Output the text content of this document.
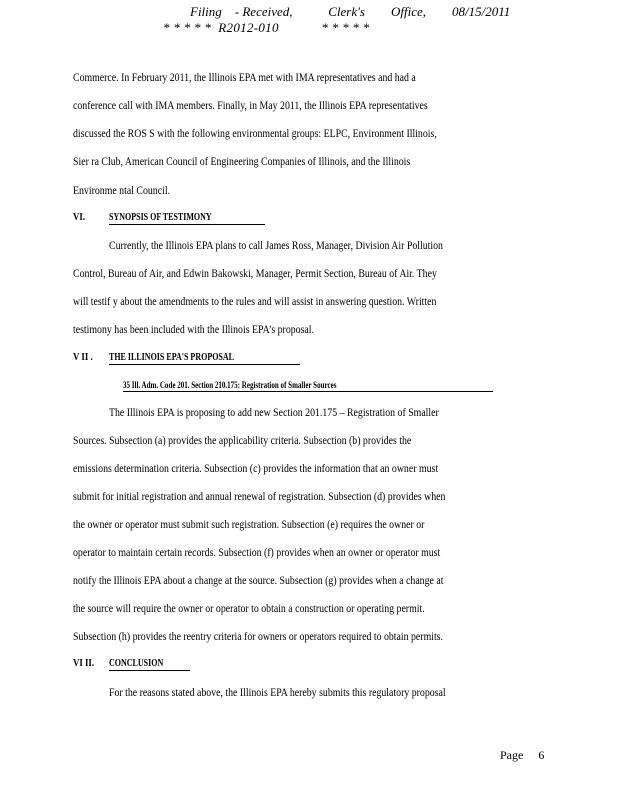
Filing    - Received,           Clerk's        Office,        08/15/2011
* * * * *  R2012-010            * * * * *
Commerce. In February 2011, the Illinois EPA met with IMA representatives and had a
conference call with IMA members. Finally, in May 2011, the Illinois EPA representatives
discussed the ROS S with the following environmental groups: ELPC, Environment Illinois,
Sier ra Club, American Council of Engineering Companies of Illinois, and the Illinois
Environme ntal Council.
VI. SYNOPSIS OF TESTIMONY
Currently, the Illinois EPA plans to call James Ross, Manager, Division Air Pollution
Control, Bureau of Air, and Edwin Bakowski, Manager, Permit Section, Bureau of Air. They
will testif y about the amendments to the rules and will assist in answering question. Written
testimony has been included with the Illinois EPA’s proposal.
V II . THE ILLINOIS EPA'S PROPOSAL
35 Ill. Adm. Code 201. Section 210.175: Registration of Smaller Sources
The Illinois EPA is proposing to add new Section 201.175 – Registration of Smaller
Sources. Subsection (a) provides the applicability criteria. Subsection (b) provides the
emissions determination criteria. Subsection (c) provides the information that an owner must
submit for initial registration and annual renewal of registration. Subsection (d) provides when
the owner or operator must submit such registration. Subsection (e) requires the owner or
operator to maintain certain records. Subsection (f) provides when an owner or operator must
notify the Illinois EPA about a change at the source. Subsection (g) provides when a change at
the source will require the owner or operator to obtain a construction or operating permit.
Subsection (h) provides the reentry criteria for owners or operators required to obtain permits.
VI II. CONCLUSION
For the reasons stated above, the Illinois EPA hereby submits this regulatory proposal
Page     6
